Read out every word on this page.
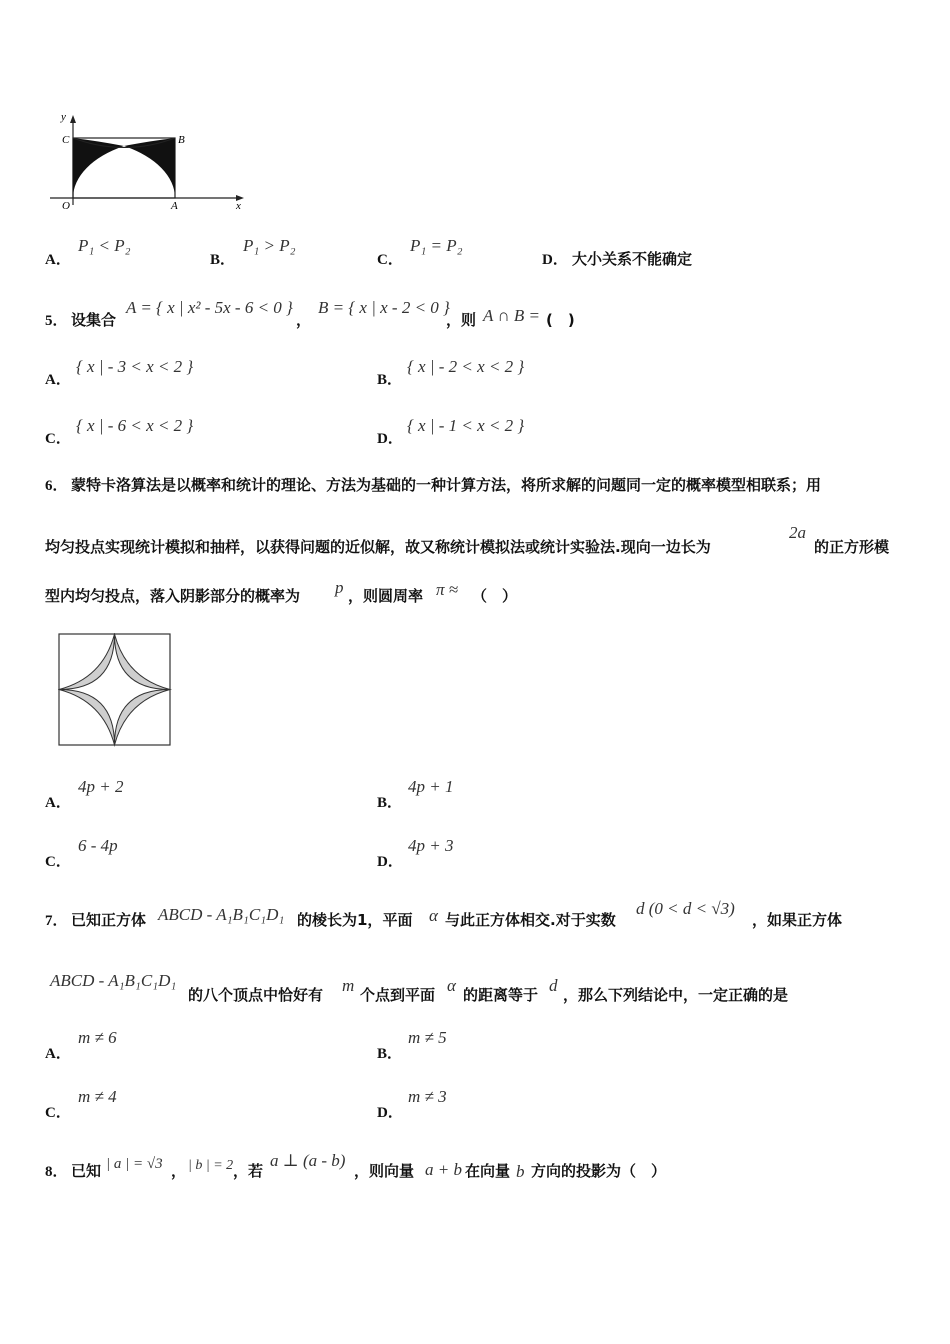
y
C	B
O	A	x
A．
P₁ < P₂
B．
P₁ > P₂
C．
P₁ = P₂
D． 大小关系不能确定
5． 设集合
A = { x | x² - 5x - 6 < 0 }
，
B = { x | x - 2 < 0 }
，则 A ∩ B = (　)
A．
{ x | - 3 < x < 2 }
B．
{ x | - 2 < x < 2 }
C．
{ x | - 6 < x < 2 }
D．
{ x | - 1 < x < 2 }
6． 蒙特卡洛算法是以概率和统计的理论、方法为基础的一种计算方法，将所求解的问题同一定的概率模型相联系；用
均匀投点实现统计模拟和抽样，以获得问题的近似解，故又称统计模拟法或统计实验法.现向一边长为
2a
的正方形模
型内均匀投点，落入阴影部分的概率为 p ，则圆周率 π ≈ （　）
A．
4p + 2
B．
4p + 1
C．
6 - 4p
D．
4p + 3
7． 已知正方体 ABCD - A₁B₁C₁D₁ 的棱长为1，平面 α 与此正方体相交.对于实数
d (0 < d < √3)
，如果正方体
ABCD - A₁B₁C₁D₁
的八个顶点中恰好有 m 个点到平面 α 的距离等于 d ，那么下列结论中，一定正确的是
A．
m ≠ 6
B．
m ≠ 5
C．
m ≠ 4
D．
m ≠ 3
8． 已知 | a | = √3 ， | b | = 2 ，若
a ⊥ (a - b)
，则向量 a + b 在向量 b 方向的投影为（　）
